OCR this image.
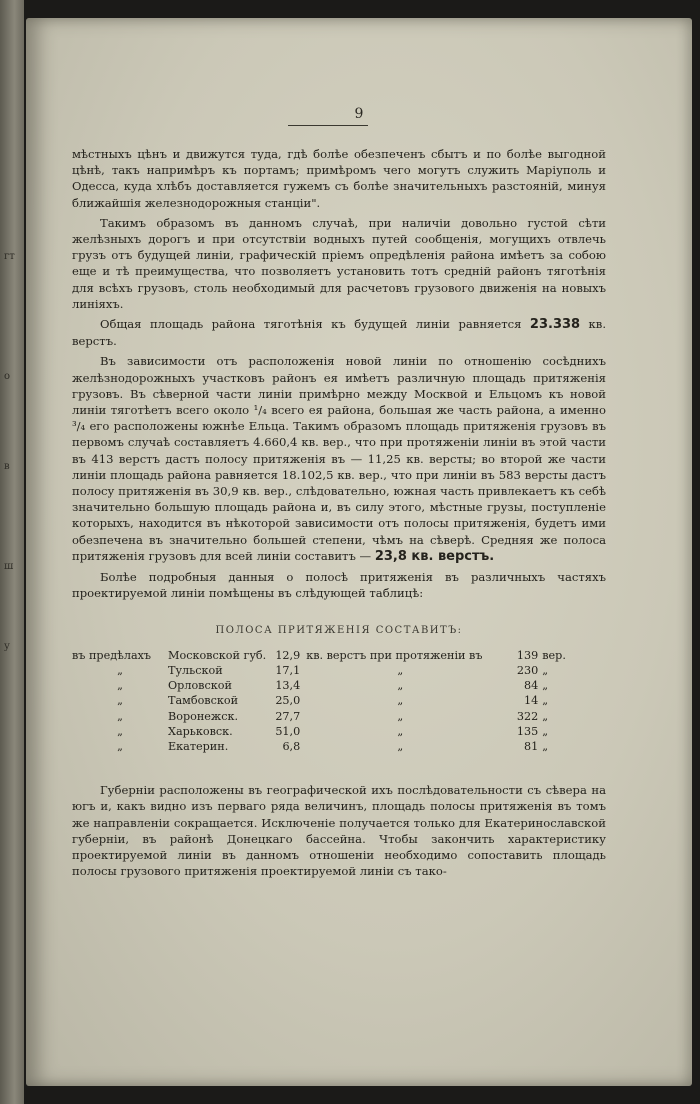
гт
о
в
ш
у
9

мѣстныхъ цѣнъ и движутся туда, гдѣ болѣе обезпеченъ сбытъ и по болѣе выгодной цѣнѣ, такъ напримѣръ къ портамъ; примѣромъ чего могутъ служить Маріуполь и Одесса, куда хлѣбъ доставляется гужемъ съ болѣе значительныхъ разстояній, минуя ближайшія железнодорожныя станціи".

Такимъ образомъ въ данномъ случаѣ, при наличіи довольно густой сѣти желѣзныхъ дорогъ и при отсутствіи водныхъ путей сообщенія, могущихъ отвлечь грузъ отъ будущей линіи, графическій пріемъ опредѣленія района имѣетъ за собою еще и тѣ преимущества, что позволяетъ установить тотъ средній районъ тяготѣнія для всѣхъ грузовъ, столь необходимый для расчетовъ грузового движенія на новыхъ линіяхъ.

Общая площадь района тяготѣнія къ будущей линіи равняется 23.338 кв. верстъ.

Въ зависимости отъ расположенія новой линіи по отношенію сосѣднихъ желѣзнодорожныхъ участковъ районъ ея имѣетъ различную площадь притяженія грузовъ. Въ сѣверной части линіи примѣрно между Москвой и Ельцомъ къ новой линіи тяготѣетъ всего около ¹/₄ всего ея района, большая же часть района, а именно ³/₄ его расположены южнѣе Ельца. Такимъ образомъ площадь притяженія грузовъ въ первомъ случаѣ составляетъ 4.660,4 кв. вер., что при протяженіи линіи въ этой части въ 413 верстъ дастъ полосу притяженія въ — 11,25 кв. версты; во второй же части линіи площадь района равняется 18.102,5 кв. вер., что при линіи въ 583 версты дастъ полосу притяженія въ 30,9 кв. вер., слѣдовательно, южная часть привлекаетъ къ себѣ значительно большую площадь района и, въ силу этого, мѣстные грузы, поступленіе которыхъ, находится въ нѣкоторой зависимости отъ полосы притяженія, будетъ ими обезпечена въ значительно большей степени, чѣмъ на сѣверѣ. Средняя же полоса притяженія грузовъ для всей линіи составитъ — 23,8 кв. верстъ.

Болѣе подробныя данныя о полосѣ притяженія въ различныхъ частяхъ проектируемой линіи помѣщены въ слѣдующей таблицѣ:

ПОЛОСА ПРИТЯЖЕНІЯ СОСТАВИТЪ:
въ предѣлахъ	Московской губ.	12,9	кв. верстъ при протяженіи въ	139	вер.
„	Тульской	17,1	„	230	„
„	Орловской	13,4	„	84	„
„	Тамбовской	25,0	„	14	„
„	Воронежск.	27,7	„	322	„
„	Харьковск.	51,0	„	135	„
„	Екатерин.	6,8	„	81	„

Губерніи расположены въ географической ихъ послѣдовательности съ сѣвера на югъ и, какъ видно изъ перваго ряда величинъ, площадь полосы притяженія въ томъ же направленіи сокращается. Исключеніе получается только для Екатеринославской губерніи, въ районѣ Донецкаго бассейна. Чтобы закончить характеристику проектируемой линіи въ данномъ отношеніи необходимо сопоставить площадь полосы грузового притяженія проектируемой линіи съ тако-
